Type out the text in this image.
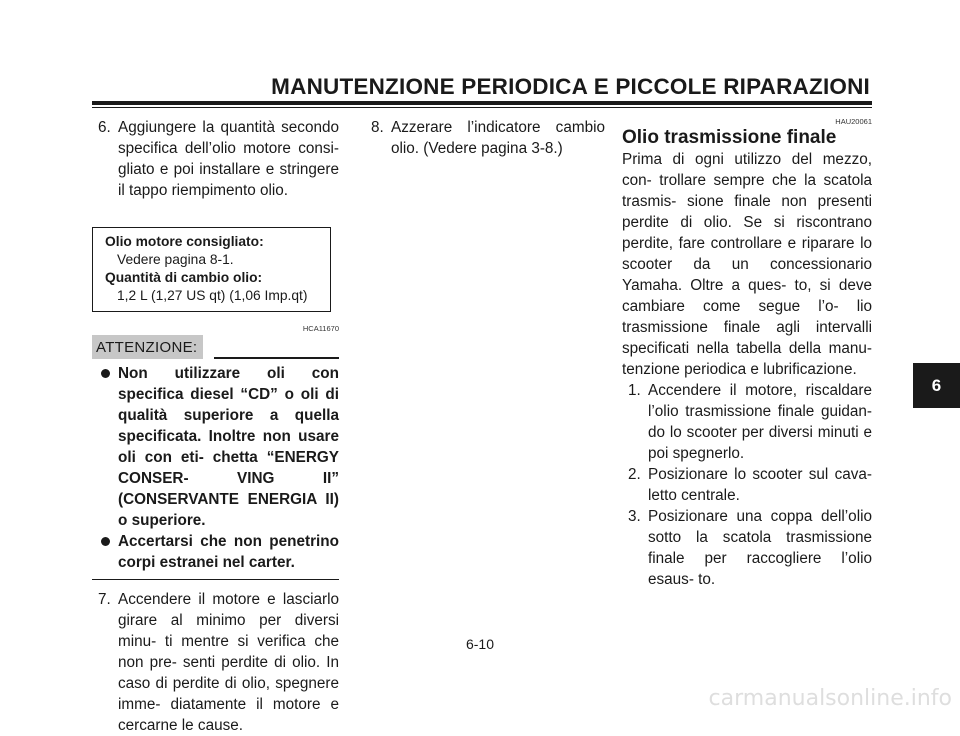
MANUTENZIONE PERIODICA E PICCOLE RIPARAZIONI
6. Aggiungere la quantità secondo specifica dell’olio motore consi- gliato e poi installare e stringere il tappo riempimento olio.
Olio motore consigliato:
Vedere pagina 8-1.
Quantità di cambio olio:
1,2 L (1,27 US qt) (1,06 Imp.qt)
HCA11670
ATTENZIONE:
Non utilizzare oli con specifica diesel “CD” o oli di qualità superiore a quella specificata. Inoltre non usare oli con eti- chetta “ENERGY CONSER- VING II” (CONSERVANTE ENERGIA II) o superiore.
Accertarsi che non penetrino corpi estranei nel carter.
7. Accendere il motore e lasciarlo girare al minimo per diversi minu- ti mentre si verifica che non pre- senti perdite di olio. In caso di perdite di olio, spegnere imme- diatamente il motore e cercarne le cause.
8. Azzerare l’indicatore cambio olio. (Vedere pagina 3-8.)
HAU20061
Olio trasmissione finale
Prima di ogni utilizzo del mezzo, con- trollare sempre che la scatola trasmis- sione finale non presenti perdite di olio. Se si riscontrano perdite, fare controllare e riparare lo scooter da un concessionario Yamaha. Oltre a ques- to, si deve cambiare come segue l’o- lio trasmissione finale agli intervalli specificati nella tabella della manu- tenzione periodica e lubrificazione.
1. Accendere il motore, riscaldare l’olio trasmissione finale guidan- do lo scooter per diversi minuti e poi spegnerlo.
2. Posizionare lo scooter sul cava- letto centrale.
3. Posizionare una coppa dell’olio sotto la scatola trasmissione finale per raccogliere l’olio esaus- to.
6
6-10
carmanualsonline.info
